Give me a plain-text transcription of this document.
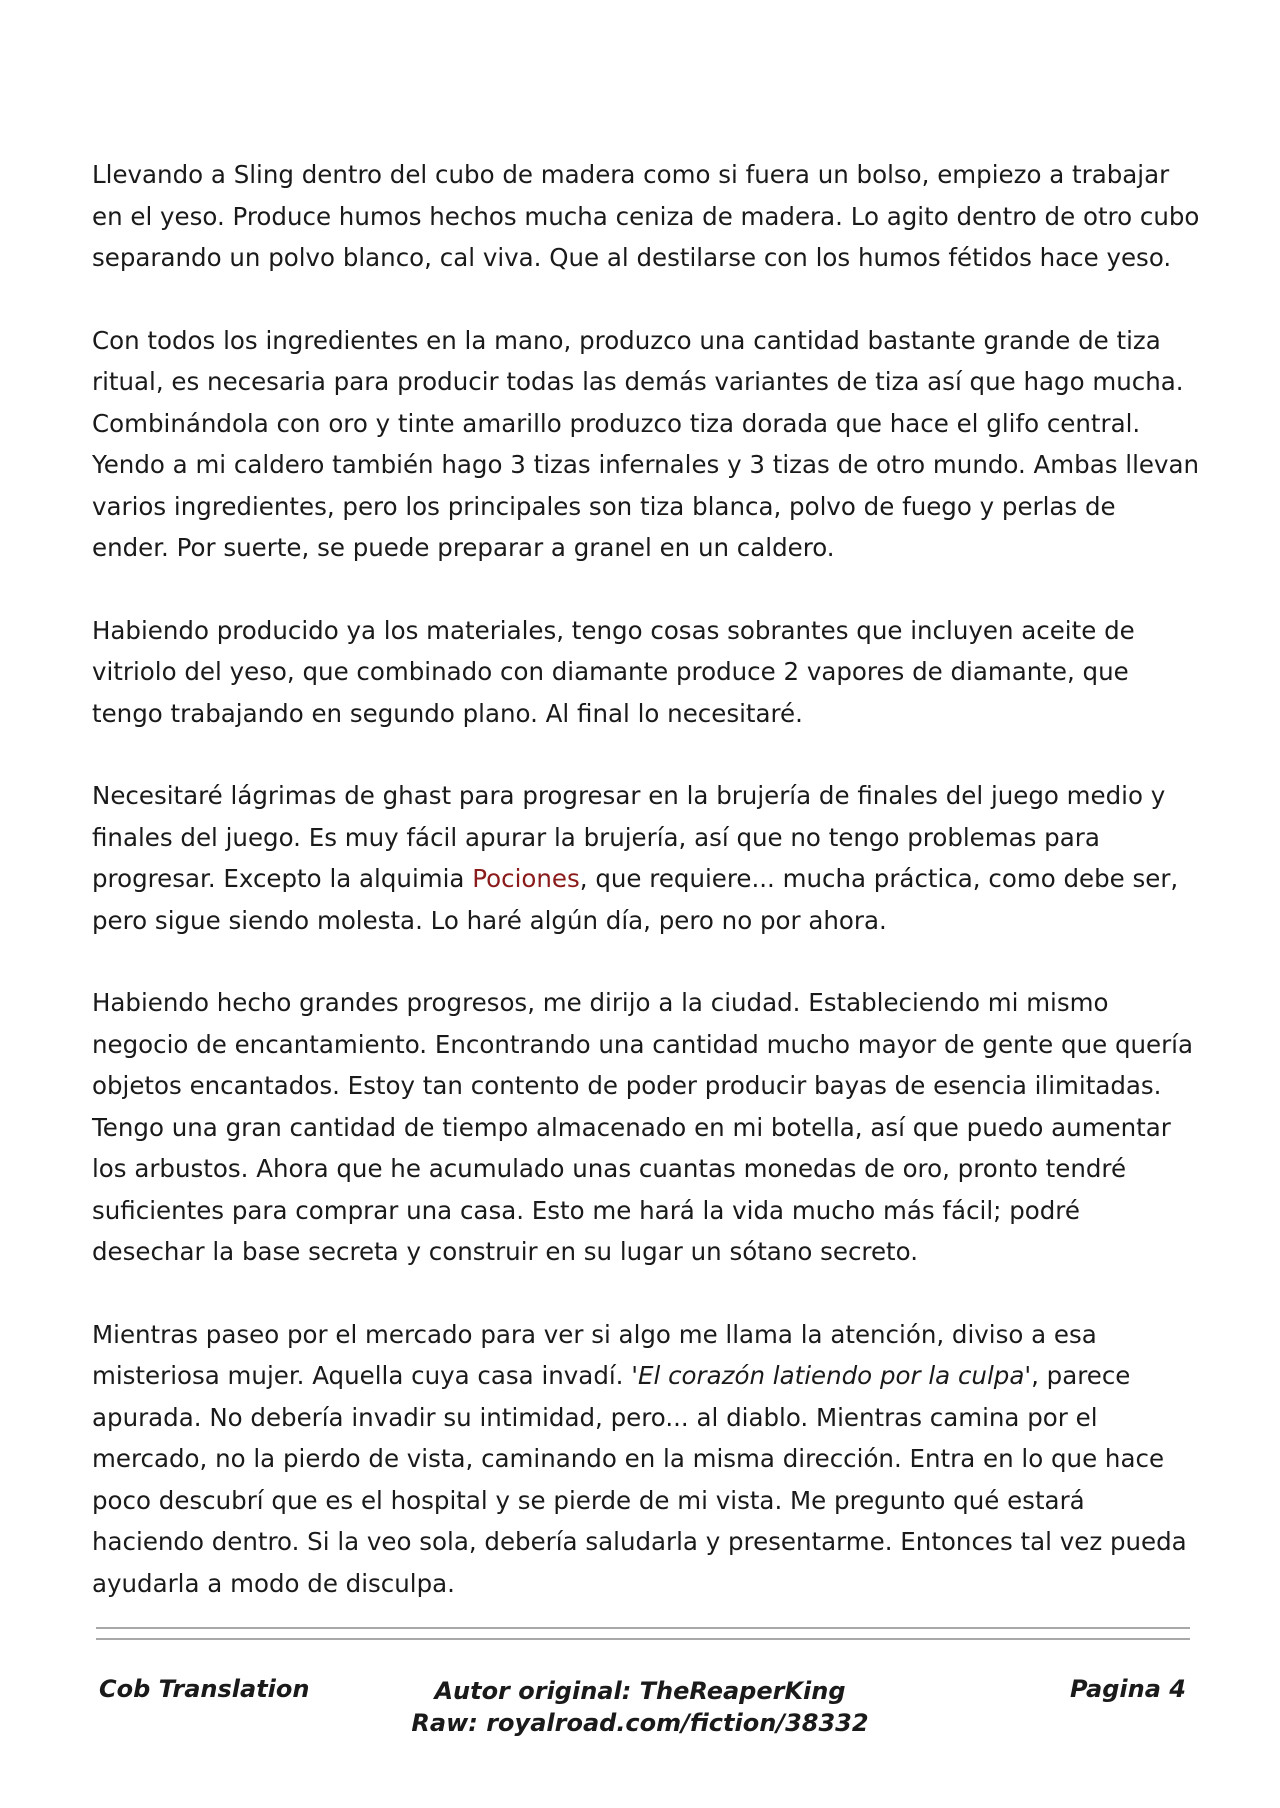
Llevando a Sling dentro del cubo de madera como si fuera un bolso, empiezo a trabajar en el yeso. Produce humos hechos mucha ceniza de madera. Lo agito dentro de otro cubo separando un polvo blanco, cal viva. Que al destilarse con los humos fétidos hace yeso.

Con todos los ingredientes en la mano, produzco una cantidad bastante grande de tiza ritual, es necesaria para producir todas las demás variantes de tiza así que hago mucha. Combinándola con oro y tinte amarillo produzco tiza dorada que hace el glifo central. Yendo a mi caldero también hago 3 tizas infernales y 3 tizas de otro mundo. Ambas llevan varios ingredientes, pero los principales son tiza blanca, polvo de fuego y perlas de ender. Por suerte, se puede preparar a granel en un caldero.

Habiendo producido ya los materiales, tengo cosas sobrantes que incluyen aceite de vitriolo del yeso, que combinado con diamante produce 2 vapores de diamante, que tengo trabajando en segundo plano. Al final lo necesitaré.

Necesitaré lágrimas de ghast para progresar en la brujería de finales del juego medio y finales del juego. Es muy fácil apurar la brujería, así que no tengo problemas para progresar. Excepto la alquimia Pociones, que requiere... mucha práctica, como debe ser, pero sigue siendo molesta. Lo haré algún día, pero no por ahora.

Habiendo hecho grandes progresos, me dirijo a la ciudad. Estableciendo mi mismo negocio de encantamiento. Encontrando una cantidad mucho mayor de gente que quería objetos encantados. Estoy tan contento de poder producir bayas de esencia ilimitadas. Tengo una gran cantidad de tiempo almacenado en mi botella, así que puedo aumentar los arbustos. Ahora que he acumulado unas cuantas monedas de oro, pronto tendré suficientes para comprar una casa. Esto me hará la vida mucho más fácil; podré desechar la base secreta y construir en su lugar un sótano secreto.

Mientras paseo por el mercado para ver si algo me llama la atención, diviso a esa misteriosa mujer. Aquella cuya casa invadí. 'El corazón latiendo por la culpa', parece apurada. No debería invadir su intimidad, pero... al diablo. Mientras camina por el mercado, no la pierdo de vista, caminando en la misma dirección. Entra en lo que hace poco descubrí que es el hospital y se pierde de mi vista. Me pregunto qué estará haciendo dentro. Si la veo sola, debería saludarla y presentarme. Entonces tal vez pueda ayudarla a modo de disculpa.

Cob Translation	Autor original: TheReaperKing
Raw: royalroad.com/fiction/38332
Pagina 4
